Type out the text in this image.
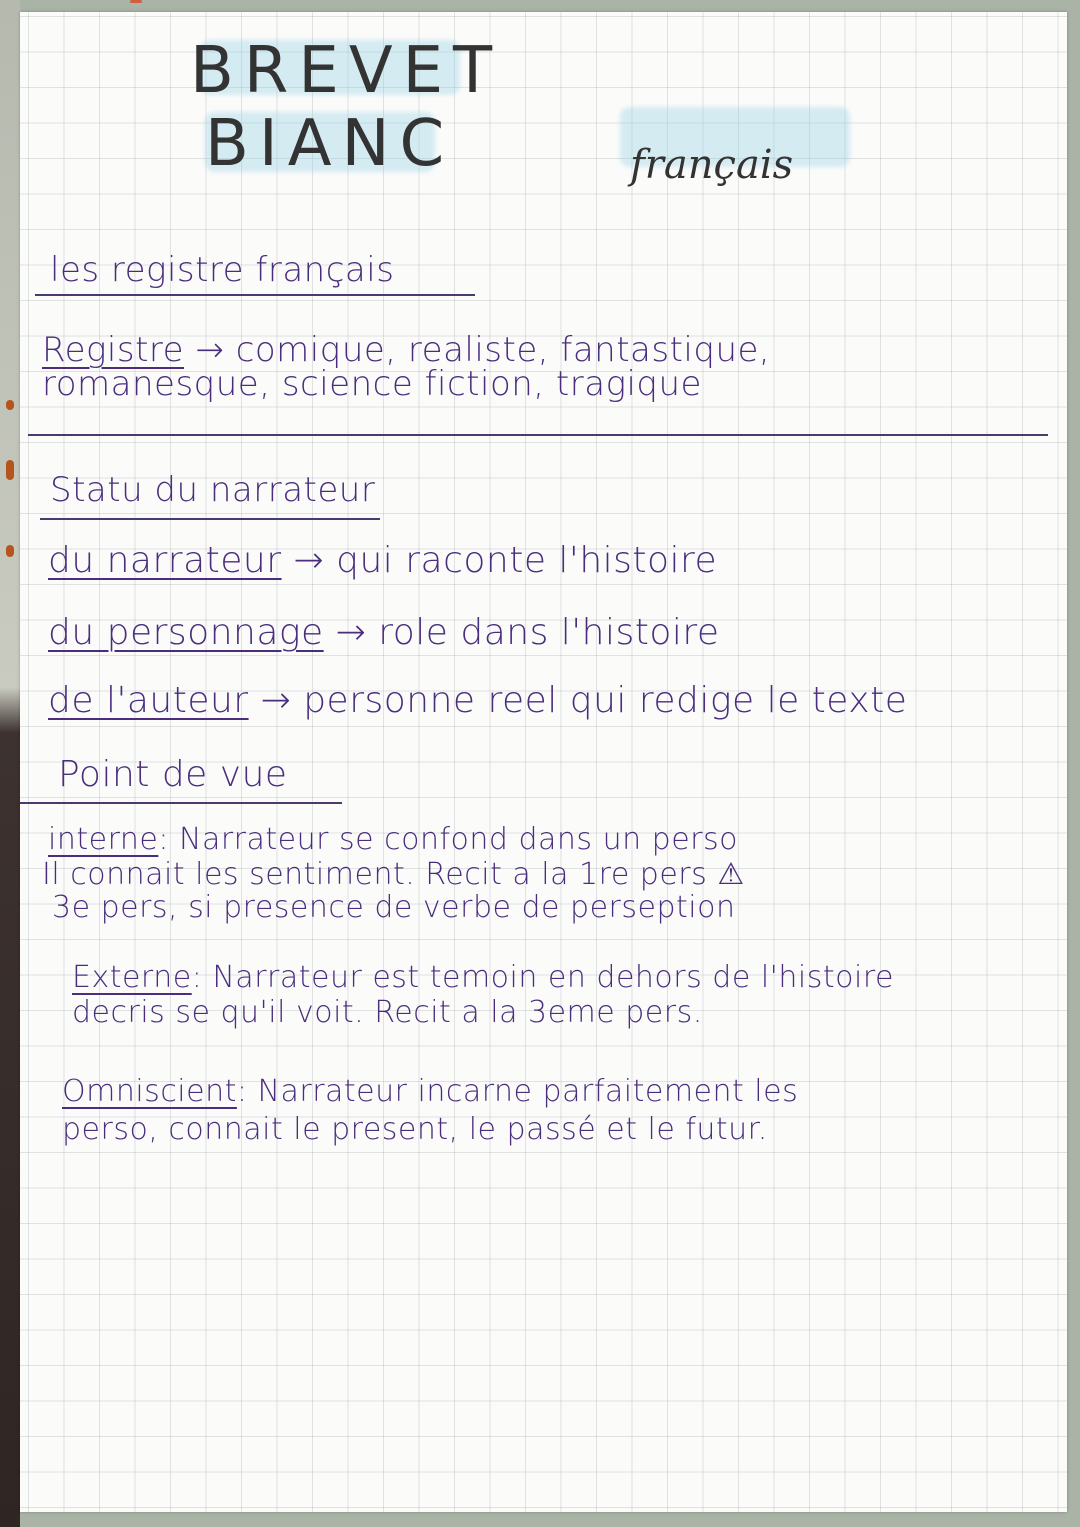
BREVET
BIANC	français
les registre français
Registre → comique, realiste, fantastique,
romanesque, science fiction, tragique
Statu du narrateur
du narrateur → qui raconte l'histoire
du personnage → role dans l'histoire
de l'auteur → personne reel qui redige le texte
Point de vue
interne: Narrateur se confond dans un perso
Il connait les sentiment. Recit a la 1re pers ⚠
3e pers, si presence de verbe de perseption
Externe: Narrateur est temoin en dehors de l'histoire
decris se qu'il voit. Recit a la 3eme pers.
Omniscient: Narrateur incarne parfaitement les
perso, connait le present, le passé et le futur.
